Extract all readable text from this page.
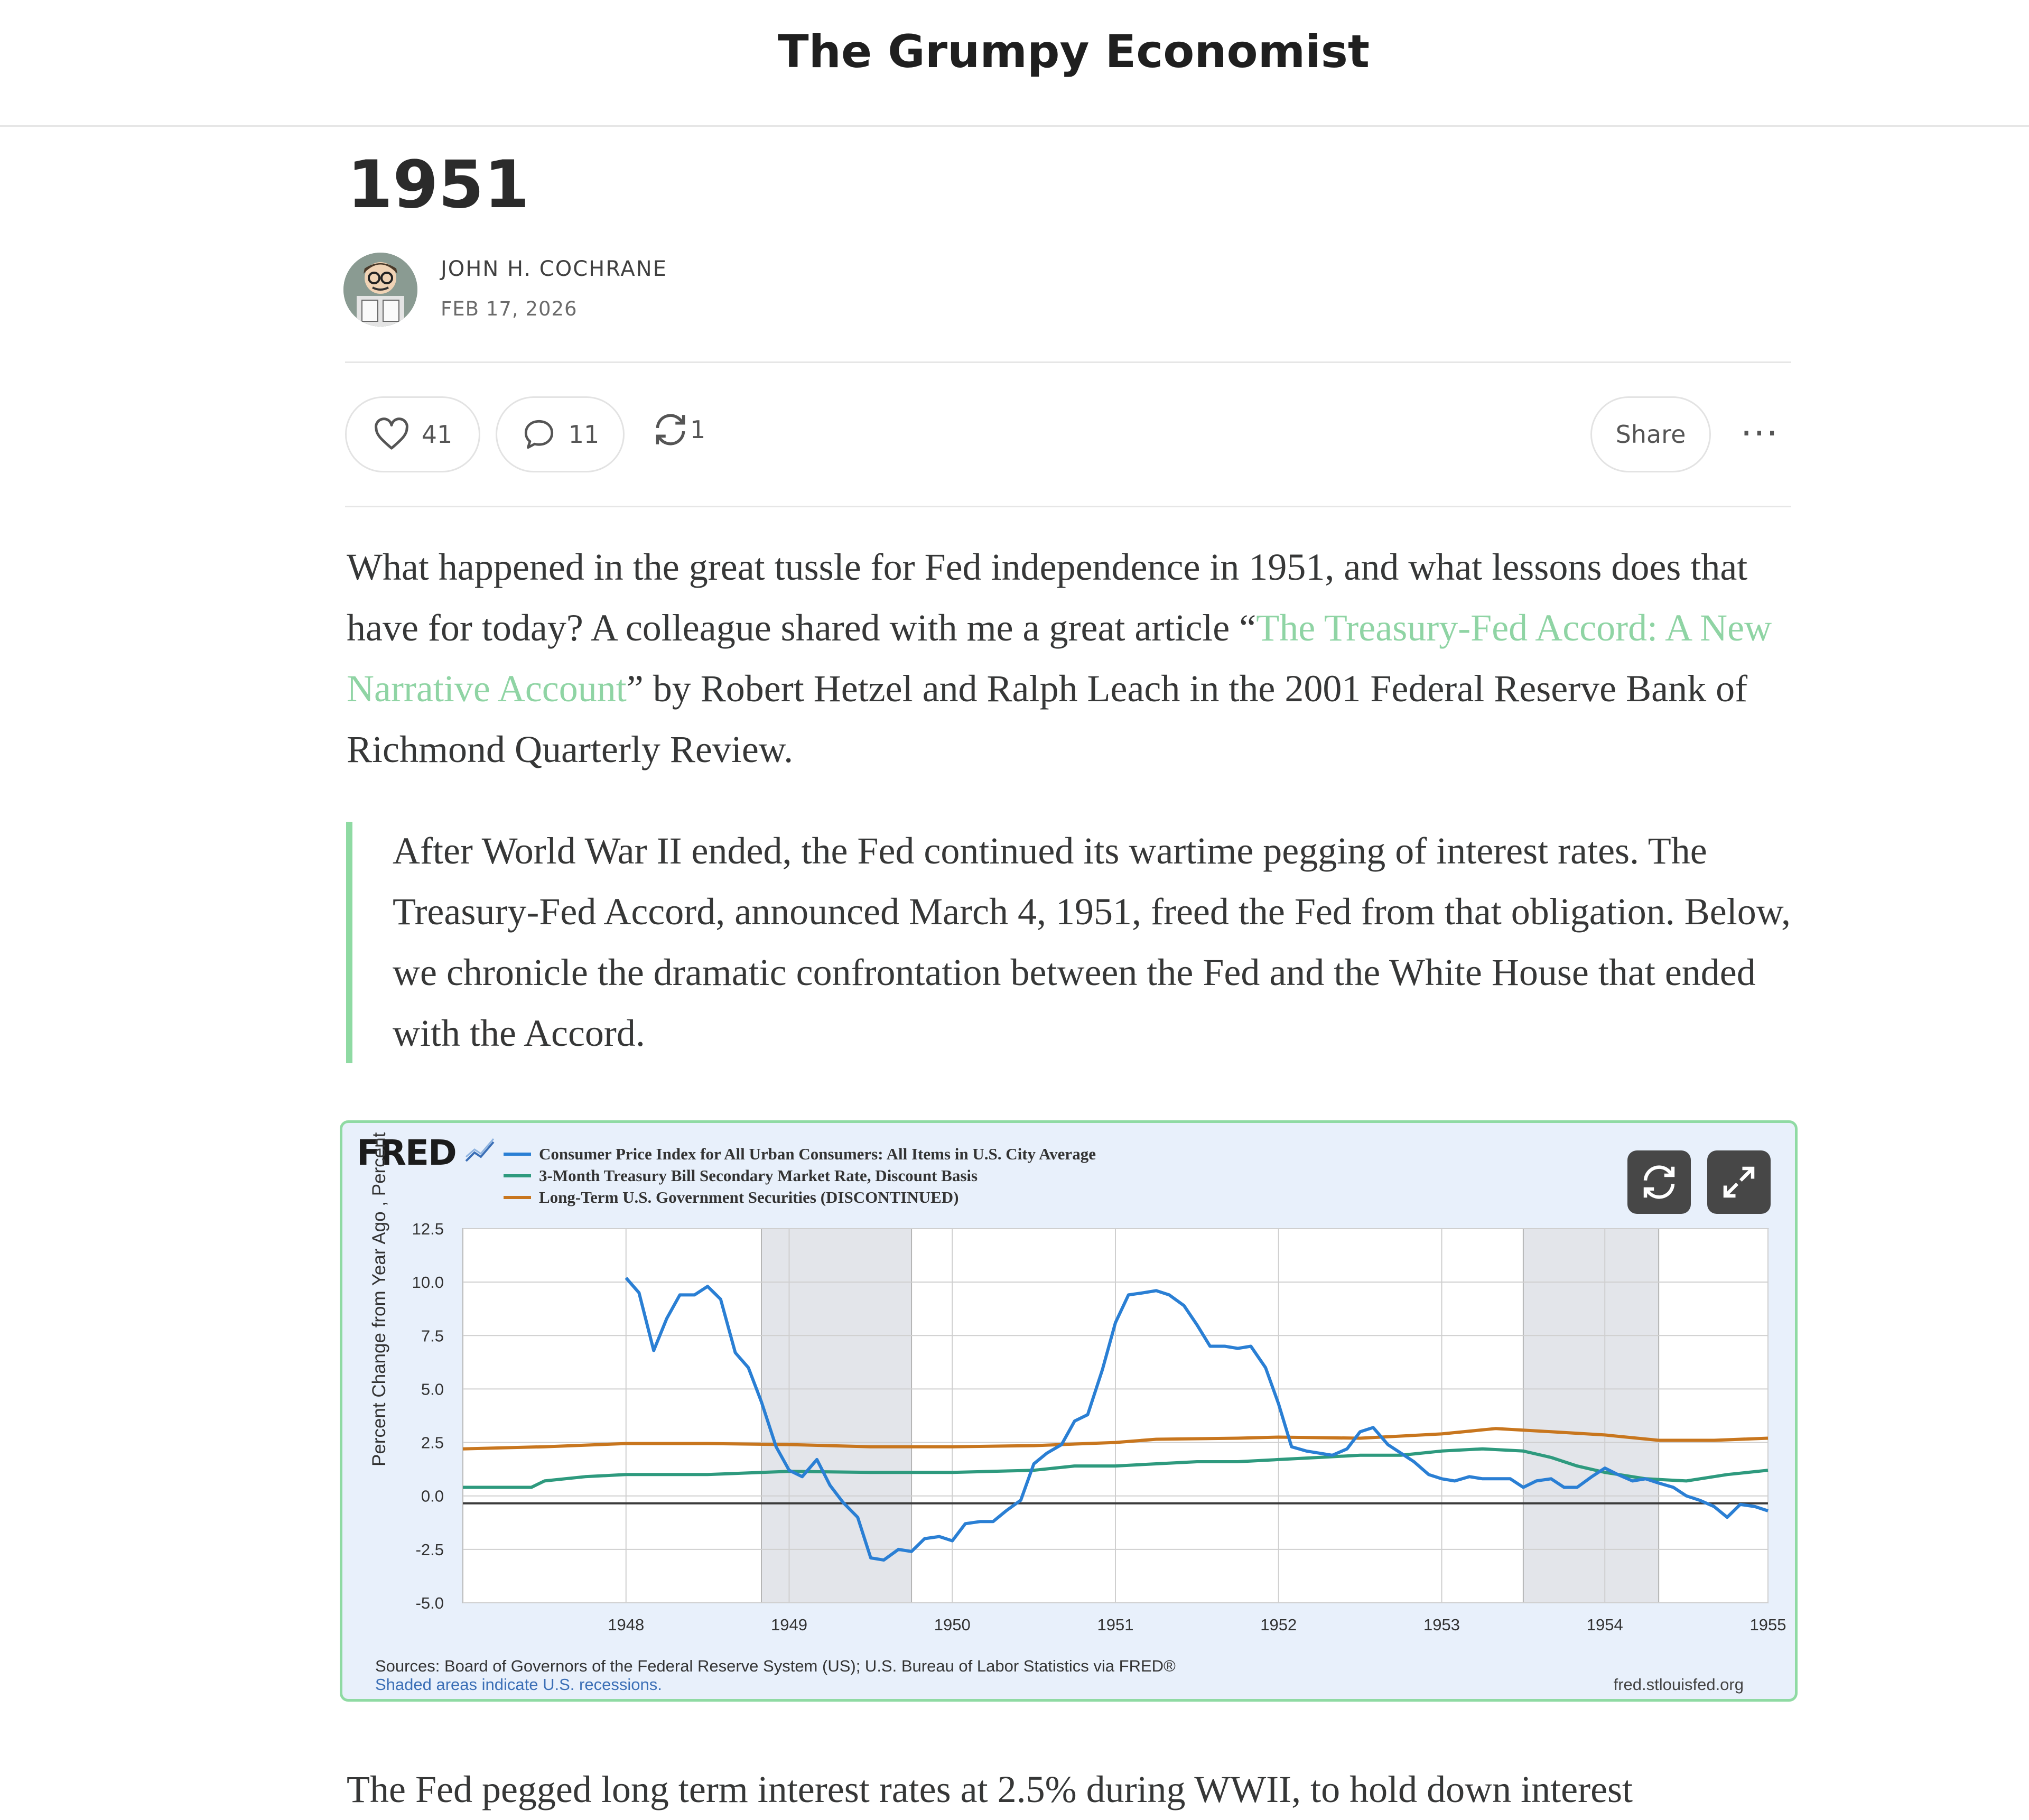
The Grumpy Economist
1951
JOHN H. COCHRANE
FEB 17, 2026
41	11	1	Share ···
What happened in the great tussle for Fed independence in 1951, and what lessons does that have for today? A colleague shared with me a great article “The Treasury-Fed Accord: A New Narrative Account” by Robert Hetzel and Ralph Leach in the 2001 Federal Reserve Bank of Richmond Quarterly Review.
After World War II ended, the Fed continued its wartime pegging of interest rates. The Treasury-Fed Accord, announced March 4, 1951, freed the Fed from that obligation. Below, we chronicle the dramatic confrontation between the Fed and the White House that ended with the Accord.
FRED	Consumer Price Index for All Urban Consumers: All Items in U.S. City Average
3-Month Treasury Bill Secondary Market Rate, Discount Basis
Long-Term U.S. Government Securities (DISCONTINUED)
Percent Change from Year Ago , Percent 12.5
10.0
7.5
5.0
2.5
0.0
-2.5
-5.0
1948	1949	1950	1951	1952	1953	1954	1955
Sources: Board of Governors of the Federal Reserve System (US); U.S. Bureau of Labor Statistics via FRED®
Shaded areas indicate U.S. recessions.	fred.stlouisfed.org
The Fed pegged long term interest rates at 2.5% during WWII, to hold down interest
